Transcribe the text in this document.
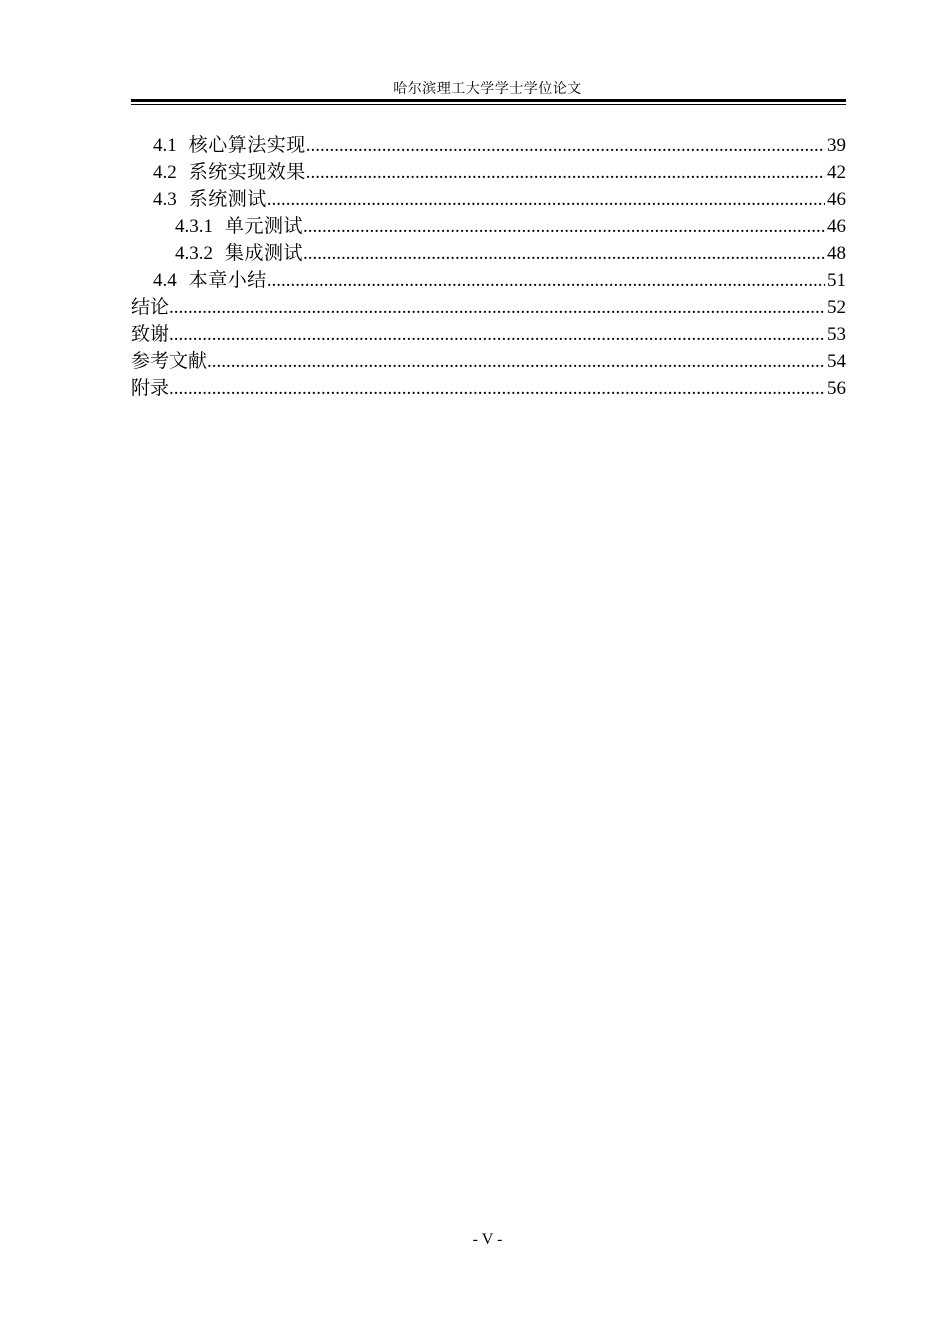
哈尔滨理工大学学士学位论文
4.1 核心算法实现 .....	39
4.2 系统实现效果 .....	42
4.3 系统测试 .....	46
4.3.1 单元测试 .....	46
4.3.2 集成测试 .....	48
4.4 本章小结 .....	51
结论 .....	52
致谢 .....	53
参考文献 .....	54
附录 .....	56
- V -
